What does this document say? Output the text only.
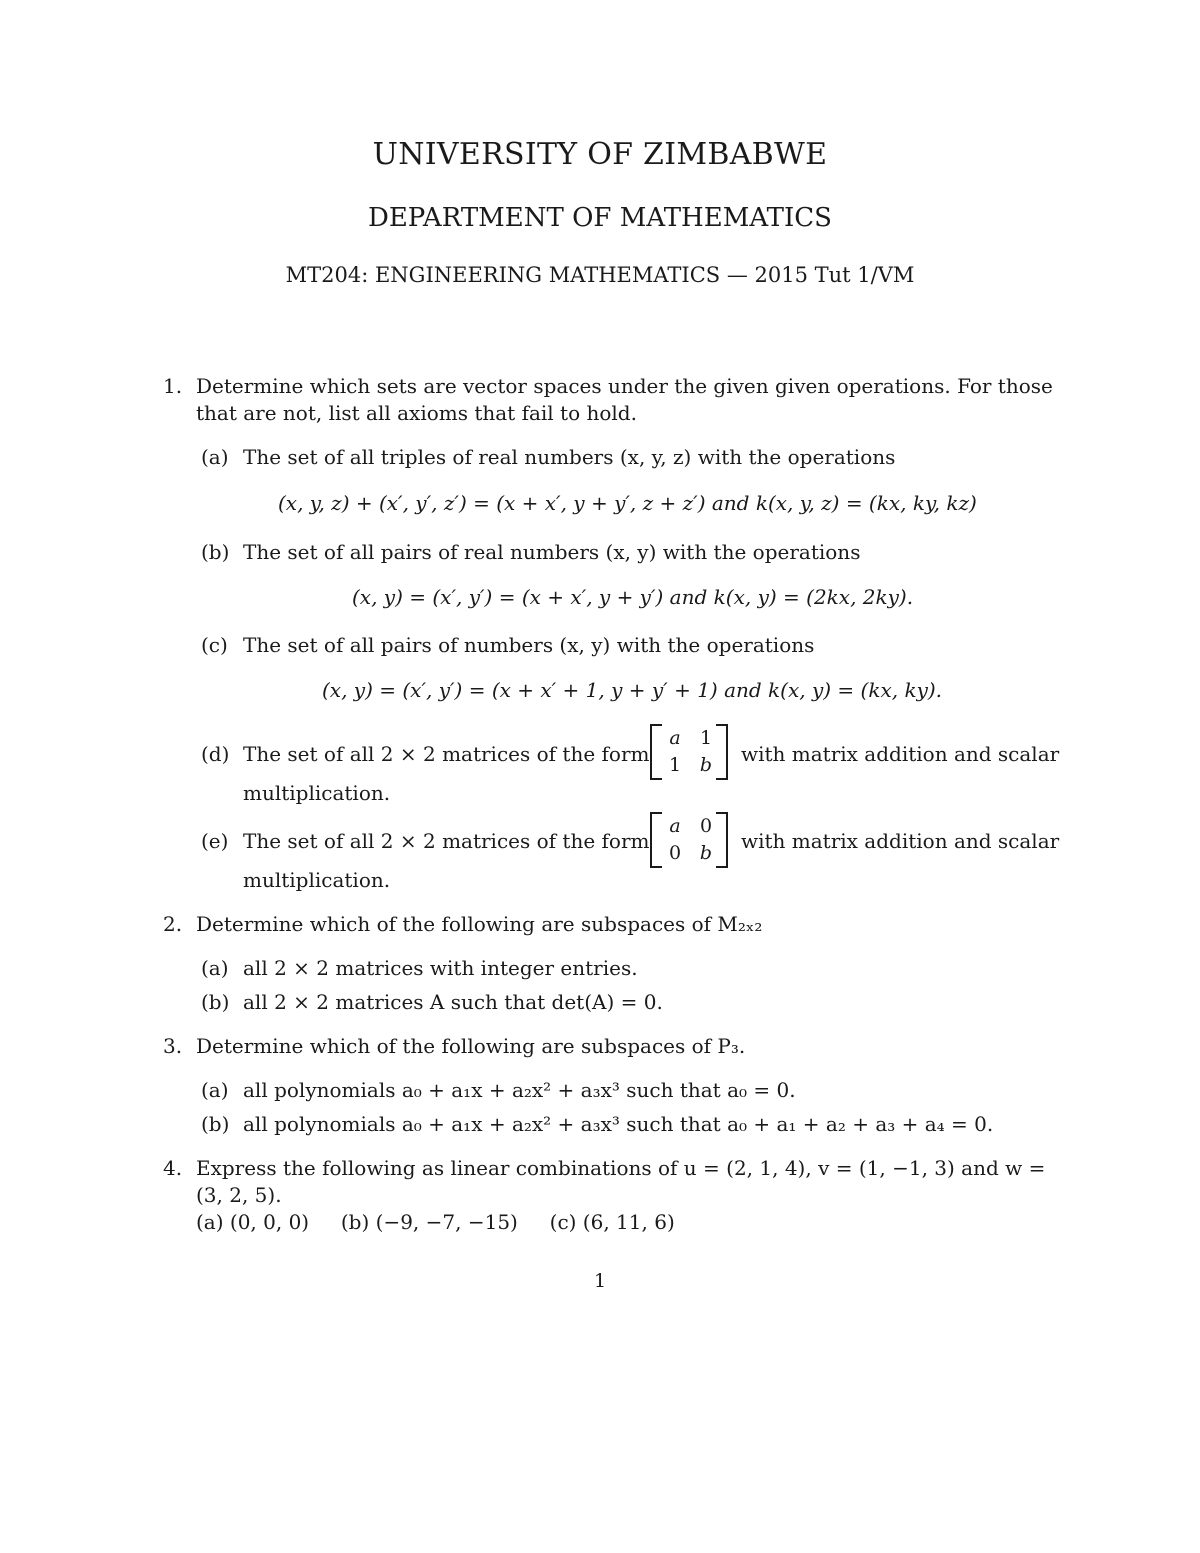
UNIVERSITY OF ZIMBABWE
DEPARTMENT OF MATHEMATICS
MT204: ENGINEERING MATHEMATICS — 2015 Tut 1/VM
1. Determine which sets are vector spaces under the given given operations. For those
that are not, list all axioms that fail to hold.
(a) The set of all triples of real numbers (x, y, z) with the operations
(x, y, z) + (x′, y′, z′) = (x + x′, y + y′, z + z′) and k(x, y, z) = (kx, ky, kz)
(b) The set of all pairs of real numbers (x, y) with the operations
(x, y) = (x′, y′) = (x + x′, y + y′) and k(x, y) = (2kx, 2ky).
(c) The set of all pairs of numbers (x, y) with the operations
(x, y) = (x′, y′) = (x + x′ + 1, y + y′ + 1) and k(x, y) = (kx, ky).
(d) The set of all 2 × 2 matrices of the form
a 1
1 b with matrix addition and scalar
multiplication.
(e) The set of all 2 × 2 matrices of the form
a 0
0 b with matrix addition and scalar
multiplication.
2. Determine which of the following are subspaces of M₂ₓ₂
(a) all 2 × 2 matrices with integer entries.
(b) all 2 × 2 matrices A such that det(A) = 0.
3. Determine which of the following are subspaces of P₃.
(a) all polynomials a₀ + a₁x + a₂x² + a₃x³ such that a₀ = 0.
(b) all polynomials a₀ + a₁x + a₂x² + a₃x³ such that a₀ + a₁ + a₂ + a₃ + a₄ = 0.
4. Express the following as linear combinations of u = (2, 1, 4), v = (1, −1, 3) and w =
(3, 2, 5).
(a) (0, 0, 0)     (b) (−9, −7, −15)     (c) (6, 11, 6)
1
